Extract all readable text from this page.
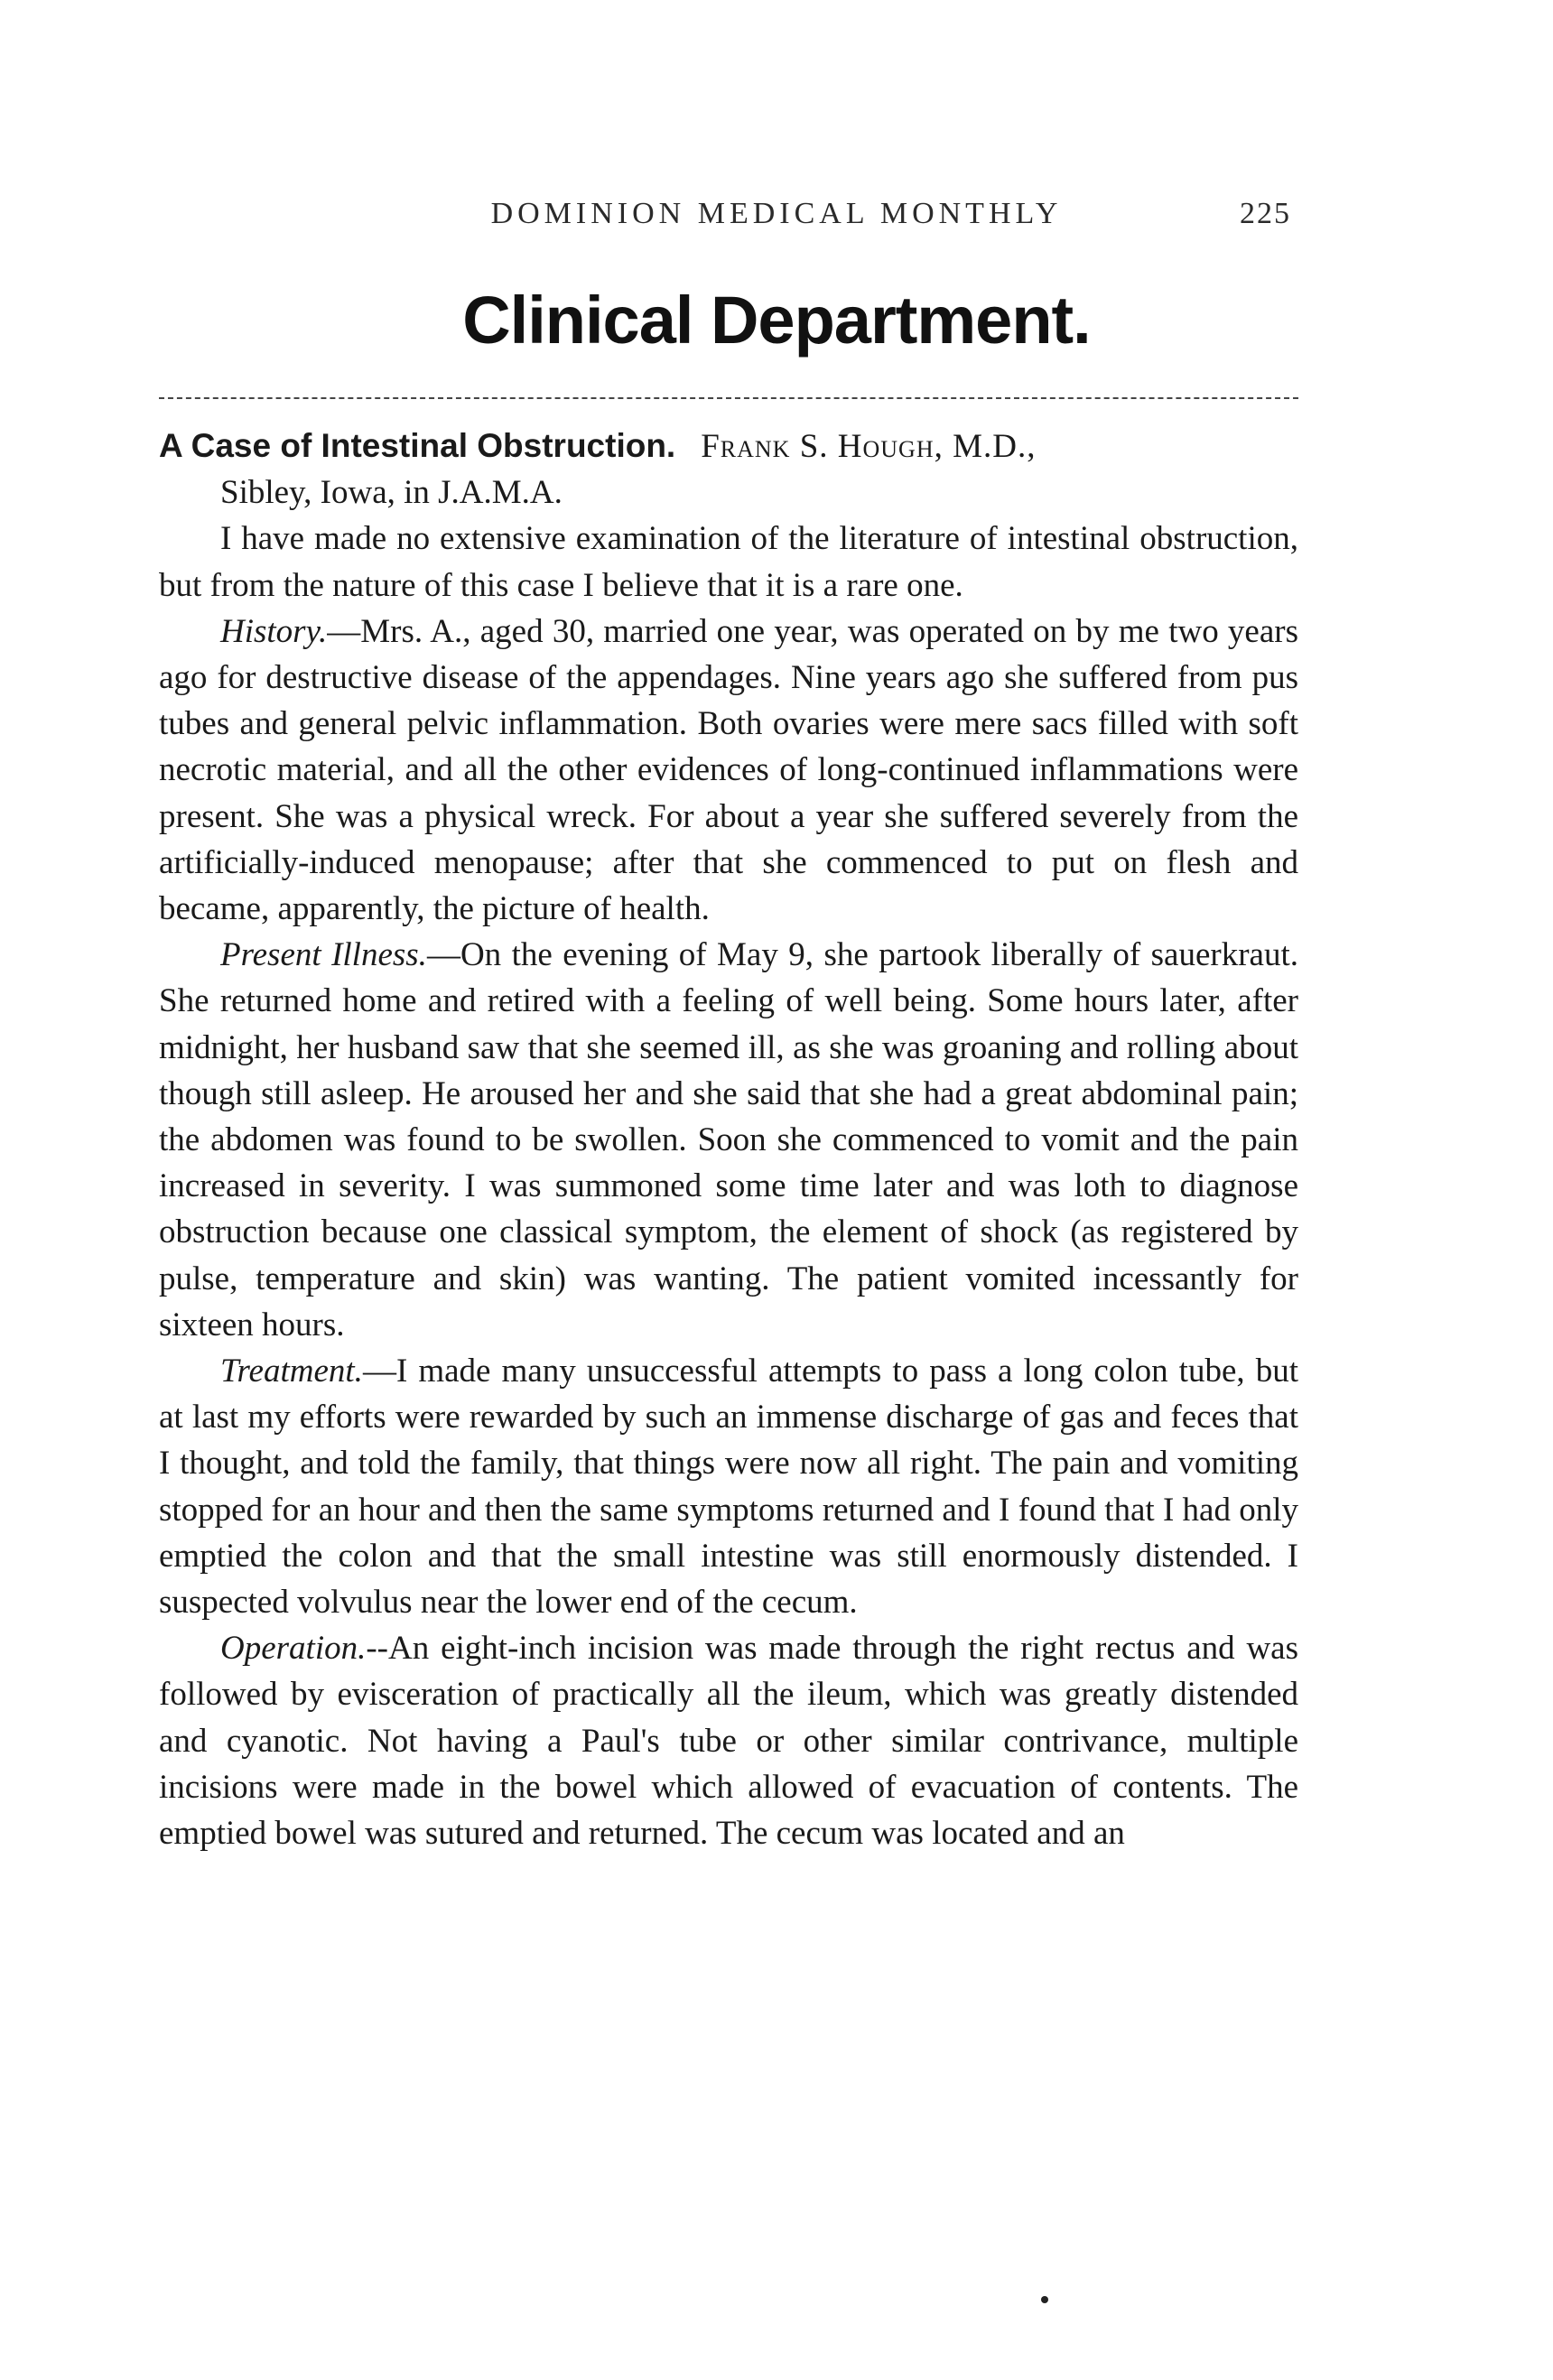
DOMINION MEDICAL MONTHLY	225
Clinical Department.

A Case of Intestinal Obstruction. Frank S. Hough, M.D.,
Sibley, Iowa, in J.A.M.A.

I have made no extensive examination of the literature of intestinal obstruction, but from the nature of this case I believe that it is a rare one.

History.—Mrs. A., aged 30, married one year, was operated on by me two years ago for destructive disease of the appendages. Nine years ago she suffered from pus tubes and general pelvic inflammation. Both ovaries were mere sacs filled with soft necrotic material, and all the other evidences of long-continued inflammations were present. She was a physical wreck. For about a year she suffered severely from the artificially-induced menopause; after that she commenced to put on flesh and became, apparently, the picture of health.

Present Illness.—On the evening of May 9, she partook liberally of sauerkraut. She returned home and retired with a feeling of well being. Some hours later, after midnight, her husband saw that she seemed ill, as she was groaning and rolling about though still asleep. He aroused her and she said that she had a great abdominal pain; the abdomen was found to be swollen. Soon she commenced to vomit and the pain increased in severity. I was summoned some time later and was loth to diagnose obstruction because one classical symptom, the element of shock (as registered by pulse, temperature and skin) was wanting. The patient vomited incessantly for sixteen hours.

Treatment.—I made many unsuccessful attempts to pass a long colon tube, but at last my efforts were rewarded by such an immense discharge of gas and feces that I thought, and told the family, that things were now all right. The pain and vomiting stopped for an hour and then the same symptoms returned and I found that I had only emptied the colon and that the small intestine was still enormously distended. I suspected volvulus near the lower end of the cecum.

Operation.--An eight-inch incision was made through the right rectus and was followed by evisceration of practically all the ileum, which was greatly distended and cyanotic. Not having a Paul's tube or other similar contrivance, multiple incisions were made in the bowel which allowed of evacuation of contents. The emptied bowel was sutured and returned. The cecum was located and an
